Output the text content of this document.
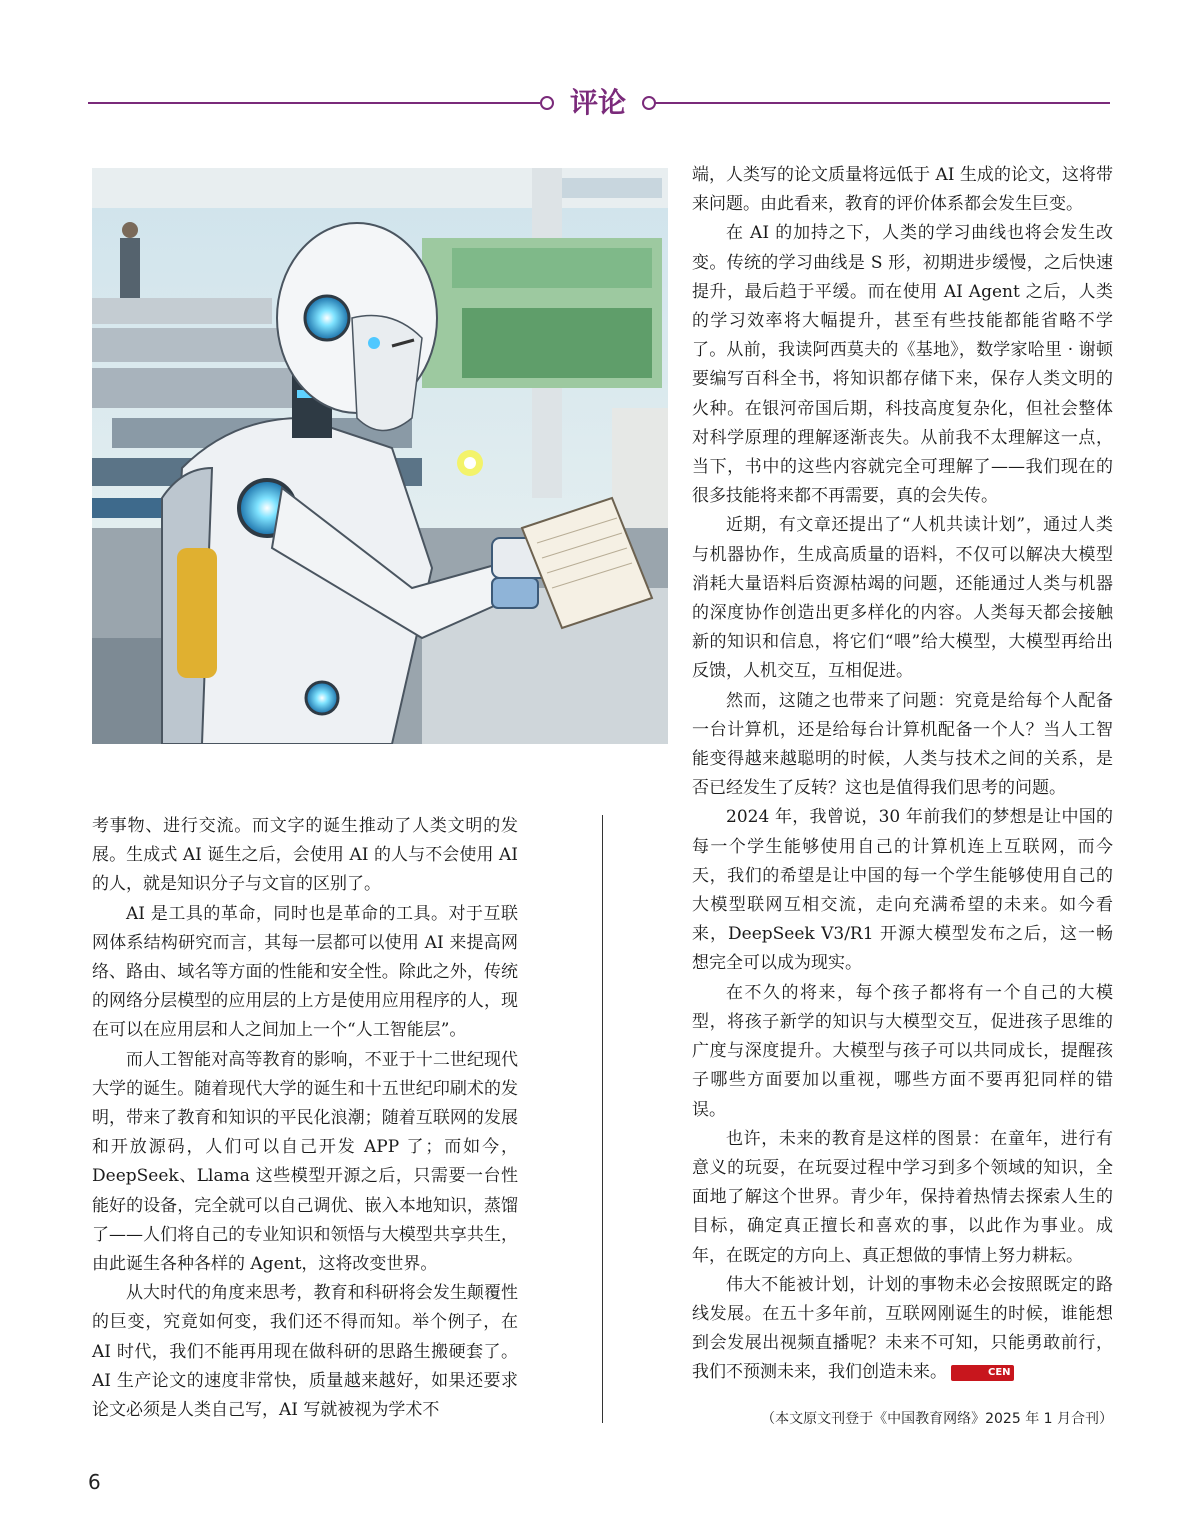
评论

考事物、进行交流。而文字的诞生推动了人类文明的发展。生成式 AI 诞生之后，会使用 AI 的人与不会使用 AI 的人，就是知识分子与文盲的区别了。

AI 是工具的革命，同时也是革命的工具。对于互联网体系结构研究而言，其每一层都可以使用 AI 来提高网络、路由、域名等方面的性能和安全性。除此之外，传统的网络分层模型的应用层的上方是使用应用程序的人，现在可以在应用层和人之间加上一个“人工智能层”。

而人工智能对高等教育的影响，不亚于十二世纪现代大学的诞生。随着现代大学的诞生和十五世纪印刷术的发明，带来了教育和知识的平民化浪潮；随着互联网的发展和开放源码，人们可以自己开发 APP 了；而如今，DeepSeek、Llama 这些模型开源之后，只需要一台性能好的设备，完全就可以自己调优、嵌入本地知识，蒸馏了——人们将自己的专业知识和领悟与大模型共享共生，由此诞生各种各样的 Agent，这将改变世界。

从大时代的角度来思考，教育和科研将会发生颠覆性的巨变，究竟如何变，我们还不得而知。举个例子，在 AI 时代，我们不能再用现在做科研的思路生搬硬套了。AI 生产论文的速度非常快，质量越来越好，如果还要求论文必须是人类自己写，AI 写就被视为学术不

端，人类写的论文质量将远低于 AI 生成的论文，这将带来问题。由此看来，教育的评价体系都会发生巨变。

在 AI 的加持之下，人类的学习曲线也将会发生改变。传统的学习曲线是 S 形，初期进步缓慢，之后快速提升，最后趋于平缓。而在使用 AI Agent 之后，人类的学习效率将大幅提升，甚至有些技能都能省略不学了。从前，我读阿西莫夫的《基地》，数学家哈里 · 谢顿要编写百科全书，将知识都存储下来，保存人类文明的火种。在银河帝国后期，科技高度复杂化，但社会整体对科学原理的理解逐渐丧失。从前我不太理解这一点，当下，书中的这些内容就完全可理解了——我们现在的很多技能将来都不再需要，真的会失传。

近期，有文章还提出了“人机共读计划”，通过人类与机器协作，生成高质量的语料，不仅可以解决大模型消耗大量语料后资源枯竭的问题，还能通过人类与机器的深度协作创造出更多样化的内容。人类每天都会接触新的知识和信息，将它们“喂”给大模型，大模型再给出反馈，人机交互，互相促进。

然而，这随之也带来了问题：究竟是给每个人配备一台计算机，还是给每台计算机配备一个人？当人工智能变得越来越聪明的时候，人类与技术之间的关系，是否已经发生了反转？这也是值得我们思考的问题。

2024 年，我曾说，30 年前我们的梦想是让中国的每一个学生能够使用自己的计算机连上互联网，而今天，我们的希望是让中国的每一个学生能够使用自己的大模型联网互相交流，走向充满希望的未来。如今看来，DeepSeek V3/R1 开源大模型发布之后，这一畅想完全可以成为现实。

在不久的将来，每个孩子都将有一个自己的大模型，将孩子新学的知识与大模型交互，促进孩子思维的广度与深度提升。大模型与孩子可以共同成长，提醒孩子哪些方面要加以重视，哪些方面不要再犯同样的错误。

也许，未来的教育是这样的图景：在童年，进行有意义的玩耍，在玩耍过程中学习到多个领域的知识，全面地了解这个世界。青少年，保持着热情去探索人生的目标，确定真正擅长和喜欢的事，以此作为事业。成年，在既定的方向上、真正想做的事情上努力耕耘。

伟大不能被计划，计划的事物未必会按照既定的路线发展。在五十多年前，互联网刚诞生的时候，谁能想到会发展出视频直播呢？未来不可知，只能勇敢前行，我们不预测未来，我们创造未来。	CEN

（本文原文刊登于《中国教育网络》2025 年 1 月合刊）
6
